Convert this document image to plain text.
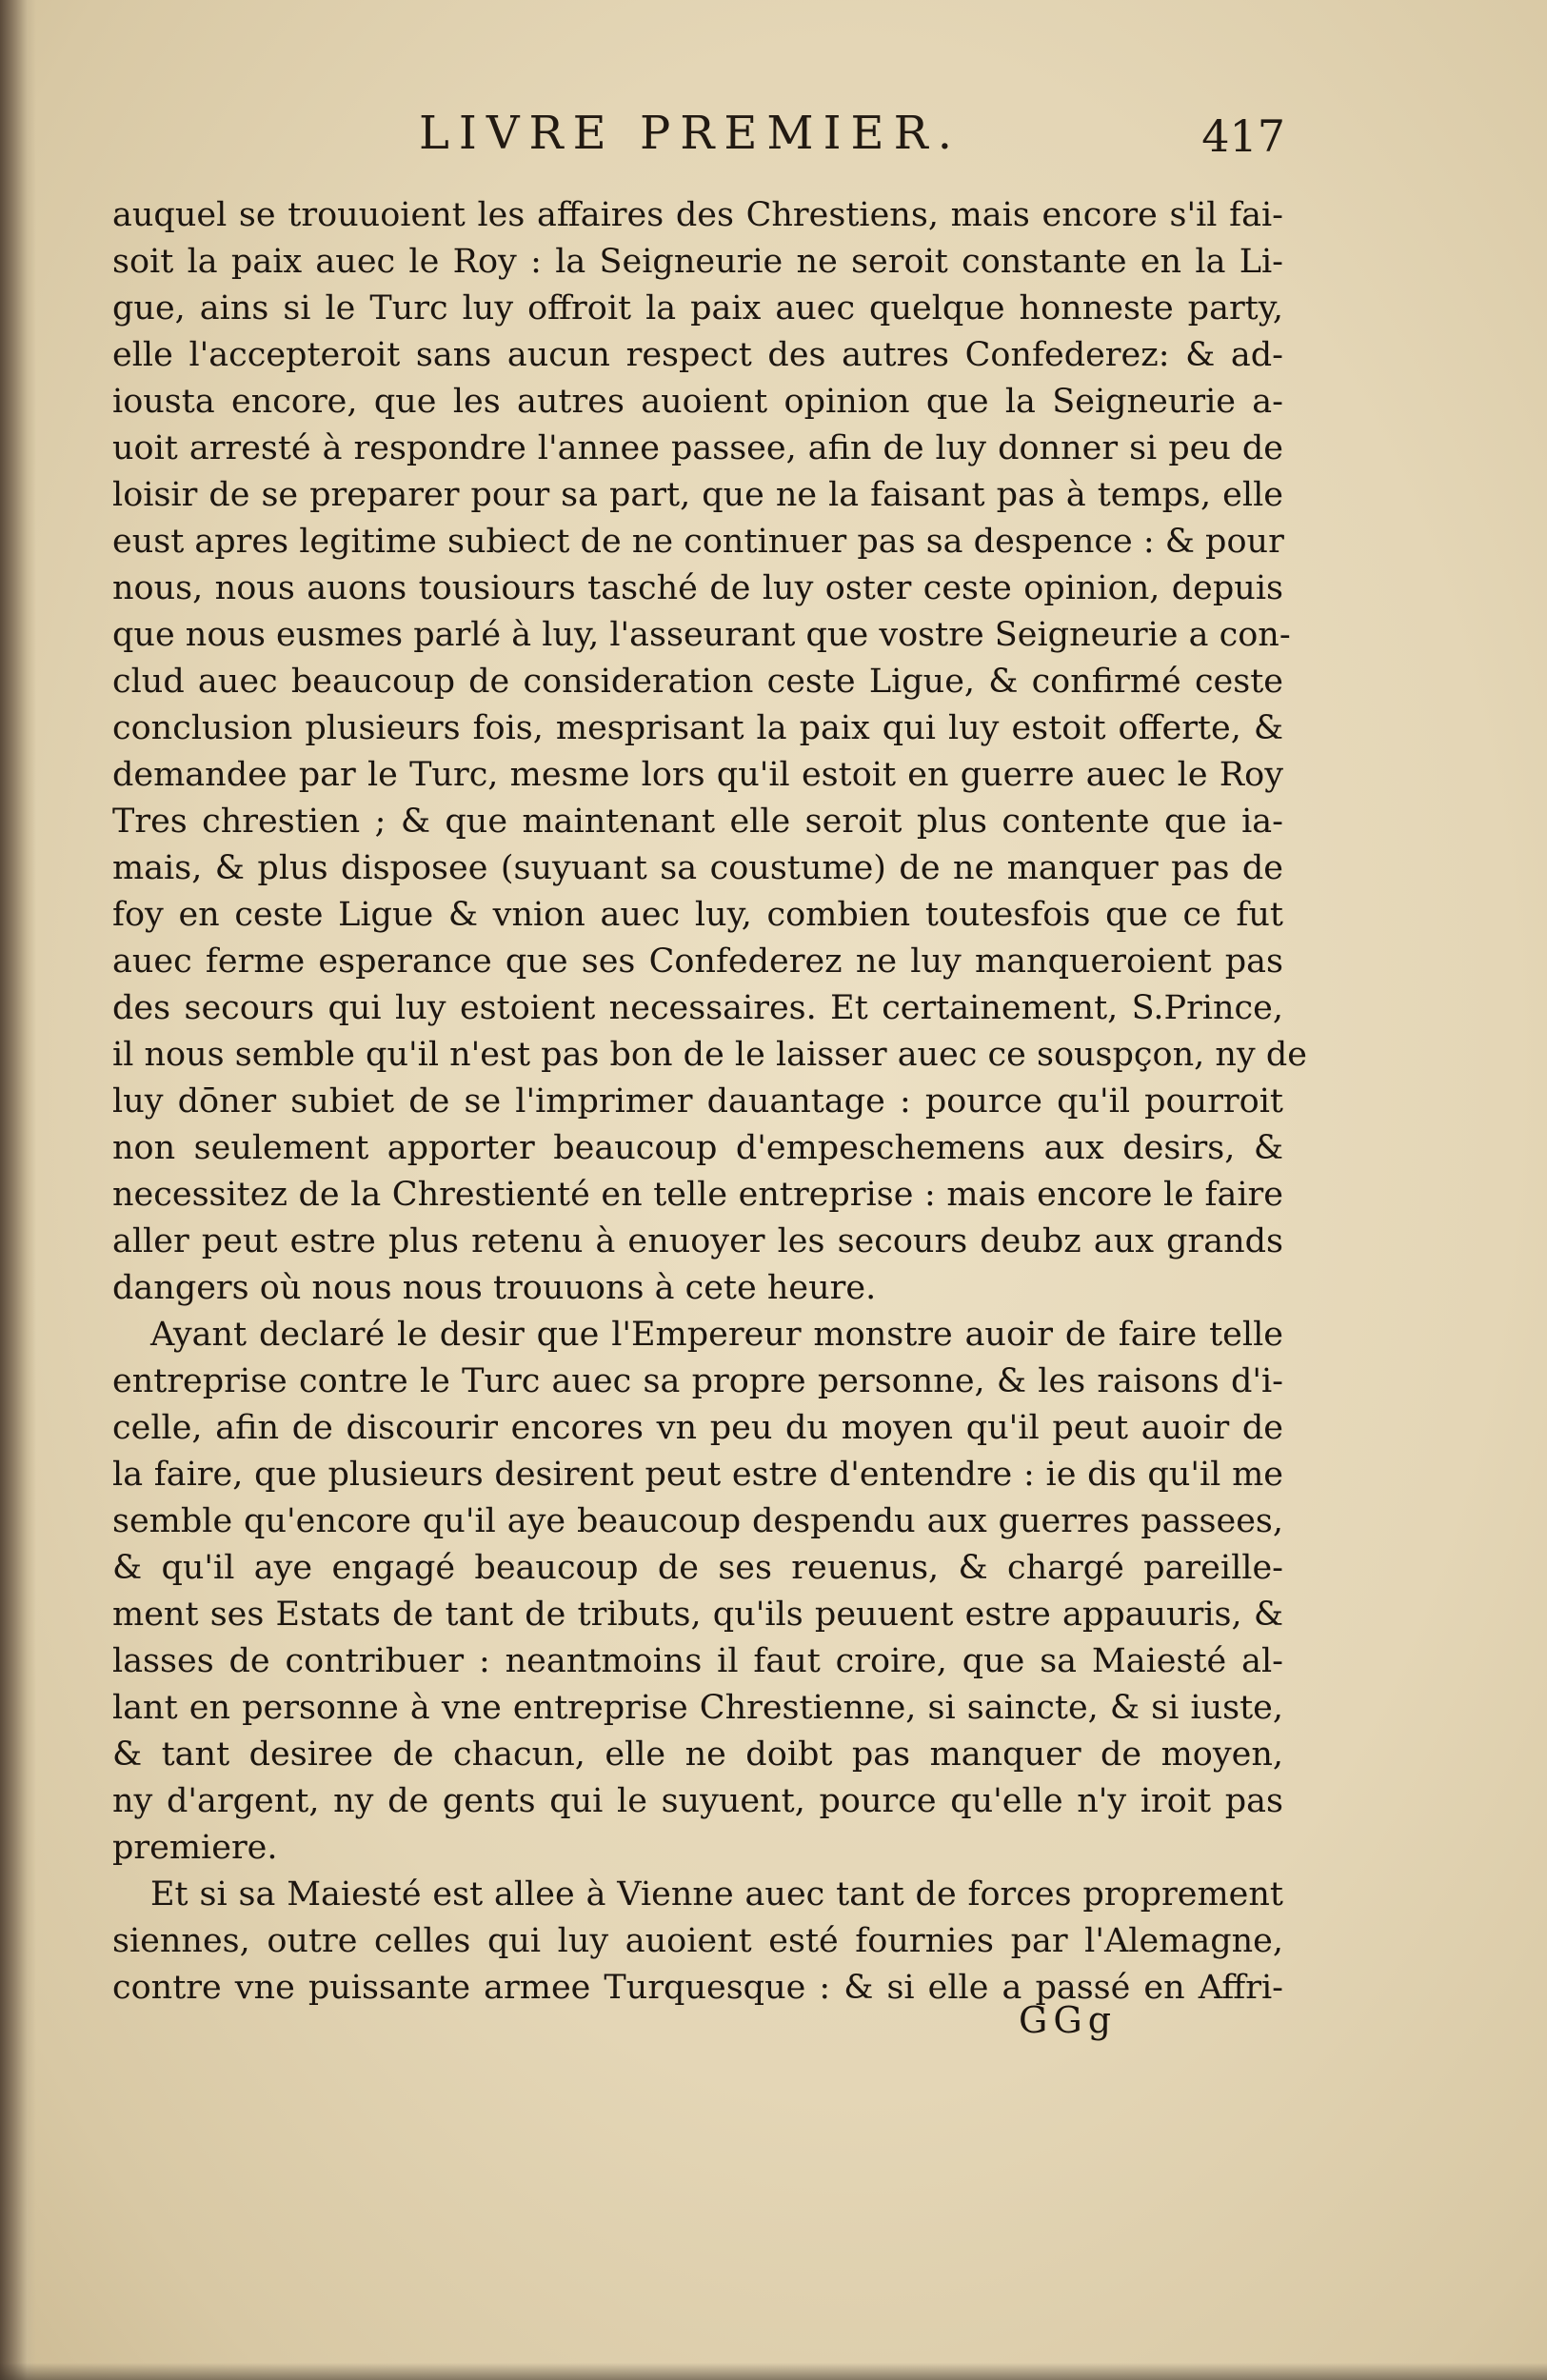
LIVRE PREMIER.	417
auquel se trouuoient les affaires des Chrestiens, mais encore s'il fai-
soit la paix auec le Roy : la Seigneurie ne seroit constante en la Li-
gue, ains si le Turc luy offroit la paix auec quelque honneste party,
elle l'accepteroit sans aucun respect des autres Confederez: & ad-
iousta encore, que les autres auoient opinion que la Seigneurie a-
uoit arresté à respondre l'annee passee, afin de luy donner si peu de
loisir de se preparer pour sa part, que ne la faisant pas à temps, elle
eust apres legitime subiect de ne continuer pas sa despence : & pour
nous, nous auons tousiours tasché de luy oster ceste opinion, depuis
que nous eusmes parlé à luy, l'asseurant que vostre Seigneurie a con-
clud auec beaucoup de consideration ceste Ligue, & confirmé ceste
conclusion plusieurs fois, mesprisant la paix qui luy estoit offerte, &
demandee par le Turc, mesme lors qu'il estoit en guerre auec le Roy
Tres chrestien ; & que maintenant elle seroit plus contente que ia-
mais, & plus disposee (suyuant sa coustume) de ne manquer pas de
foy en ceste Ligue & vnion auec luy, combien toutesfois que ce fut
auec ferme esperance que ses Confederez ne luy manqueroient pas
des secours qui luy estoient necessaires. Et certainement, S.Prince,
il nous semble qu'il n'est pas bon de le laisser auec ce souspçon, ny de
luy dōner subiet de se l'imprimer dauantage : pource qu'il pourroit
non seulement apporter beaucoup d'empeschemens aux desirs, &
necessitez de la Chrestienté en telle entreprise : mais encore le faire
aller peut estre plus retenu à enuoyer les secours deubz aux grands
dangers où nous nous trouuons à cete heure.
Ayant declaré le desir que l'Empereur monstre auoir de faire telle
entreprise contre le Turc auec sa propre personne, & les raisons d'i-
celle, afin de discourir encores vn peu du moyen qu'il peut auoir de
la faire, que plusieurs desirent peut estre d'entendre : ie dis qu'il me
semble qu'encore qu'il aye beaucoup despendu aux guerres passees,
& qu'il aye engagé beaucoup de ses reuenus, & chargé pareille-
ment ses Estats de tant de tributs, qu'ils peuuent estre appauuris, &
lasses de contribuer : neantmoins il faut croire, que sa Maiesté al-
lant en personne à vne entreprise Chrestienne, si saincte, & si iuste,
& tant desiree de chacun, elle ne doibt pas manquer de moyen,
ny d'argent, ny de gents qui le suyuent, pource qu'elle n'y iroit pas
premiere.
Et si sa Maiesté est allee à Vienne auec tant de forces proprement
siennes, outre celles qui luy auoient esté fournies par l'Alemagne,
contre vne puissante armee Turquesque : & si elle a passé en Affri-
GGg
